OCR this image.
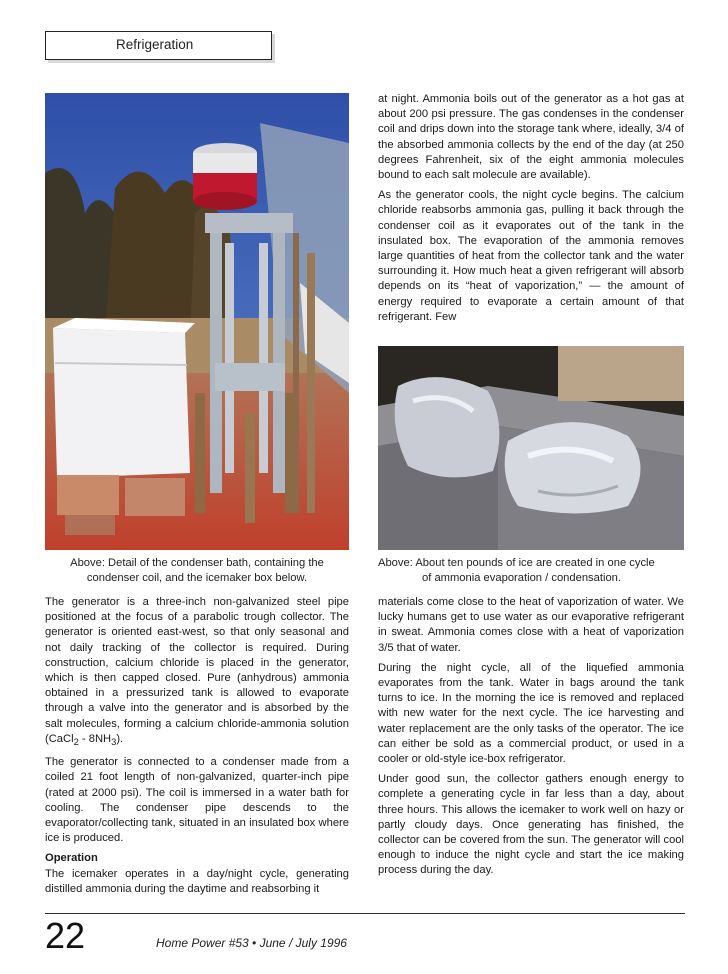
Refrigeration
Above: Detail of the condenser bath, containing the
condenser coil, and the icemaker box below.
Above: About ten pounds of ice are created in one cycle
of ammonia evaporation / condensation.

at night. Ammonia boils out of the generator as a hot gas at about 200 psi pressure. The gas condenses in the condenser coil and drips down into the storage tank where, ideally, 3/4 of the absorbed ammonia collects by the end of the day (at 250 degrees Fahrenheit, six of the eight ammonia molecules bound to each salt molecule are available).

As the generator cools, the night cycle begins. The calcium chloride reabsorbs ammonia gas, pulling it back through the condenser coil as it evaporates out of the tank in the insulated box. The evaporation of the ammonia removes large quantities of heat from the collector tank and the water surrounding it. How much heat a given refrigerant will absorb depends on its “heat of vaporization,” — the amount of energy required to evaporate a certain amount of that refrigerant. Few

The generator is a three-inch non-galvanized steel pipe positioned at the focus of a parabolic trough collector. The generator is oriented east-west, so that only seasonal and not daily tracking of the collector is required. During construction, calcium chloride is placed in the generator, which is then capped closed. Pure (anhydrous) ammonia obtained in a pressurized tank is allowed to evaporate through a valve into the generator and is absorbed by the salt molecules, forming a calcium chloride-ammonia solution (CaCl$_2$ - $8NH_3$).

The generator is connected to a condenser made from a coiled 21 foot length of non-galvanized, quarter-inch pipe (rated at 2000 psi). The coil is immersed in a water bath for cooling. The condenser pipe descends to the evaporator/collecting tank, situated in an insulated box where ice is produced.

Operation

The icemaker operates in a day/night cycle, generating distilled ammonia during the daytime and reabsorbing it

materials come close to the heat of vaporization of water. We lucky humans get to use water as our evaporative refrigerant in sweat. Ammonia comes close with a heat of vaporization 3/5 that of water.

During the night cycle, all of the liquefied ammonia evaporates from the tank. Water in bags around the tank turns to ice. In the morning the ice is removed and replaced with new water for the next cycle. The ice harvesting and water replacement are the only tasks of the operator. The ice can either be sold as a commercial product, or used in a cooler or old-style ice-box refrigerator.

Under good sun, the collector gathers enough energy to complete a generating cycle in far less than a day, about three hours. This allows the icemaker to work well on hazy or partly cloudy days. Once generating has finished, the collector can be covered from the sun. The generator will cool enough to induce the night cycle and start the ice making process during the day.

22	Home Power #53 • June / July 1996
